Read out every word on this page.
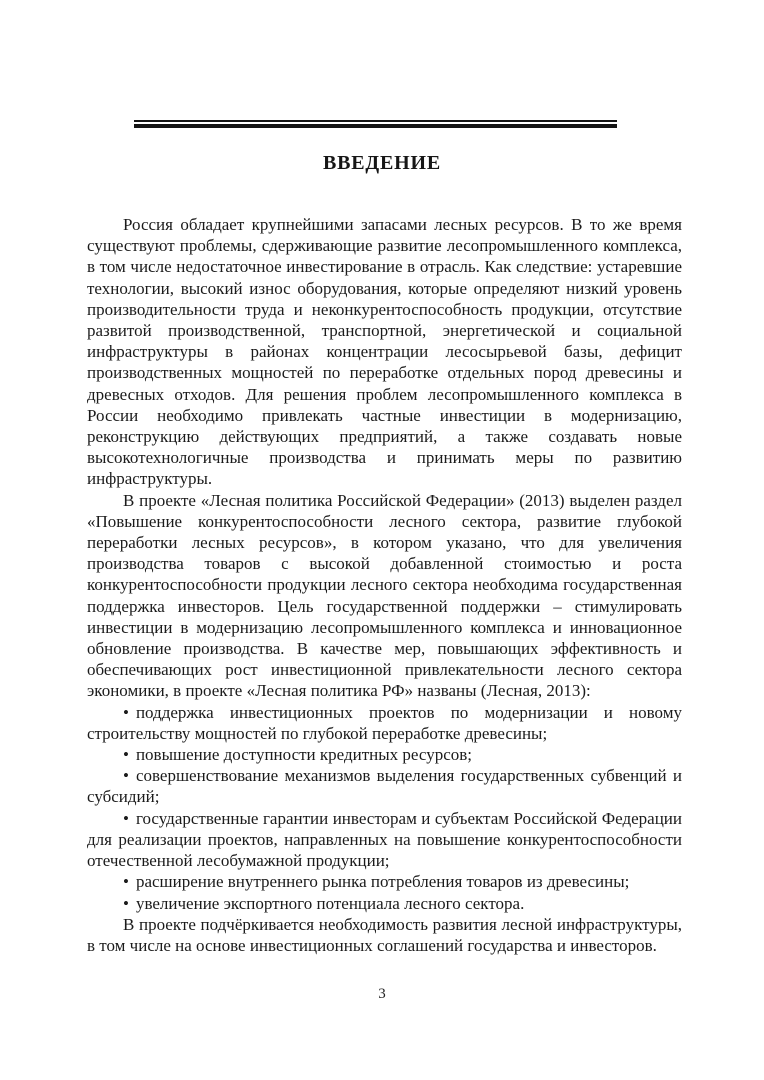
ВВЕДЕНИЕ

Россия обладает крупнейшими запасами лесных ресурсов. В то же время существуют проблемы, сдерживающие развитие лесопромышленного комплекса, в том числе недостаточное инвестирование в отрасль. Как следствие: устаревшие технологии, высокий износ оборудования, которые определяют низкий уровень производительности труда и неконкурентоспособность продукции, отсутствие развитой производственной, транспортной, энергетической и социальной инфраструктуры в районах концентрации лесосырьевой базы, дефицит производственных мощностей по переработке отдельных пород древесины и древесных отходов. Для решения проблем лесопромышленного комплекса в России необходимо привлекать частные инвестиции в модернизацию, реконструкцию действующих предприятий, а также создавать новые высокотехнологичные производства и принимать меры по развитию инфраструктуры.

В проекте «Лесная политика Российской Федерации» (2013) выделен раздел «Повышение конкурентоспособности лесного сектора, развитие глубокой переработки лесных ресурсов», в котором указано, что для увеличения производства товаров с высокой добавленной стоимостью и роста конкурентоспособности продукции лесного сектора необходима государственная поддержка инвесторов. Цель государственной поддержки – стимулировать инвестиции в модернизацию лесопромышленного комплекса и инновационное обновление производства. В качестве мер, повышающих эффективность и обеспечивающих рост инвестиционной привлекательности лесного сектора экономики, в проекте «Лесная политика РФ» названы (Лесная, 2013):

• поддержка инвестиционных проектов по модернизации и новому строительству мощностей по глубокой переработке древесины;

• повышение доступности кредитных ресурсов;

• совершенствование механизмов выделения государственных субвенций и субсидий;

• государственные гарантии инвесторам и субъектам Российской Федерации для реализации проектов, направленных на повышение конкурентоспособности отечественной лесобумажной продукции;

• расширение внутреннего рынка потребления товаров из древесины;

• увеличение экспортного потенциала лесного сектора.

В проекте подчёркивается необходимость развития лесной инфраструктуры, в том числе на основе инвестиционных соглашений государства и инвесторов.

3
